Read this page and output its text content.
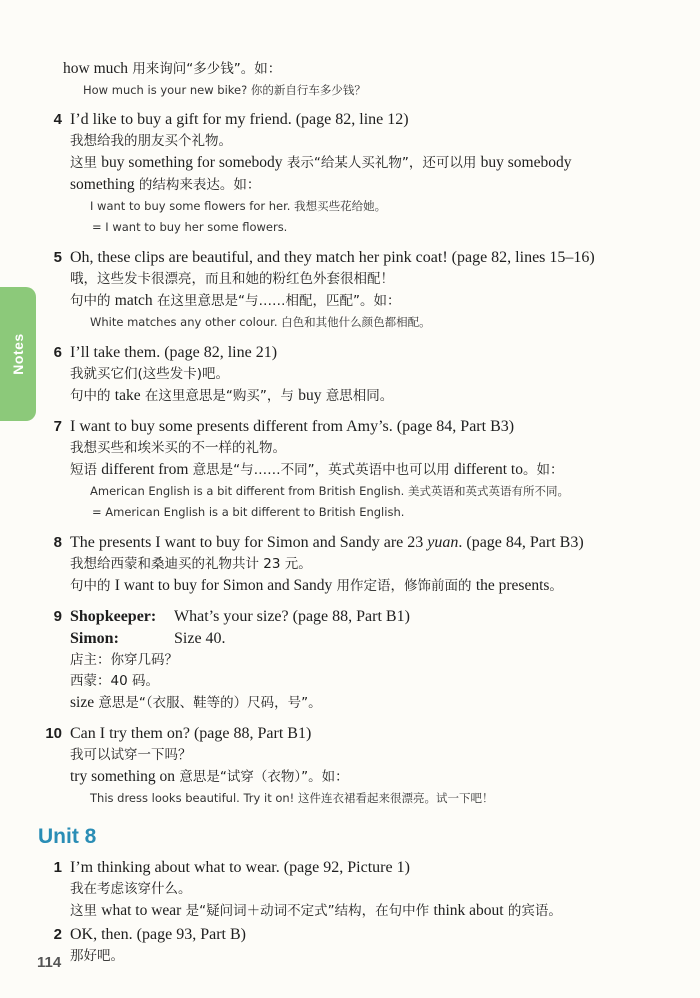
Notes
how much 用来询问“多少钱”。如：
How much is your new bike? 你的新自行车多少钱？
4 I’d like to buy a gift for my friend. (page 82, line 12)
我想给我的朋友买个礼物。
这里 buy something for somebody 表示“给某人买礼物”，还可以用 buy somebody
something 的结构来表达。如：
I want to buy some flowers for her. 我想买些花给她。
= I want to buy her some flowers.
5 Oh, these clips are beautiful, and they match her pink coat! (page 82, lines 15–16)
哦，这些发卡很漂亮，而且和她的粉红色外套很相配！
句中的 match 在这里意思是“与……相配，匹配”。如：
White matches any other colour. 白色和其他什么颜色都相配。
6 I’ll take them. (page 82, line 21)
我就买它们(这些发卡)吧。
句中的 take 在这里意思是“购买”，与 buy 意思相同。
7 I want to buy some presents different from Amy’s. (page 84, Part B3)
我想买些和埃米买的不一样的礼物。
短语 different from 意思是“与……不同”，英式英语中也可以用 different to。如：
American English is a bit different from British English. 美式英语和英式英语有所不同。
= American English is a bit different to British English.
8 The presents I want to buy for Simon and Sandy are 23 yuan. (page 84, Part B3)
我想给西蒙和桑迪买的礼物共计 23 元。
句中的 I want to buy for Simon and Sandy 用作定语，修饰前面的 the presents。
9 Shopkeeper: What’s your size? (page 88, Part B1)
Simon:	Size 40.
店主：你穿几码？
西蒙：40 码。
size 意思是“（衣服、鞋等的）尺码，号”。
10 Can I try them on? (page 88, Part B1)
我可以试穿一下吗？
try something on 意思是“试穿（衣物）”。如：
This dress looks beautiful. Try it on! 这件连衣裙看起来很漂亮。试一下吧！
Unit 8
1 I’m thinking about what to wear. (page 92, Picture 1)
我在考虑该穿什么。
这里 what to wear 是“疑问词＋动词不定式”结构，在句中作 think about 的宾语。
2 OK, then. (page 93, Part B)
那好吧。
114
